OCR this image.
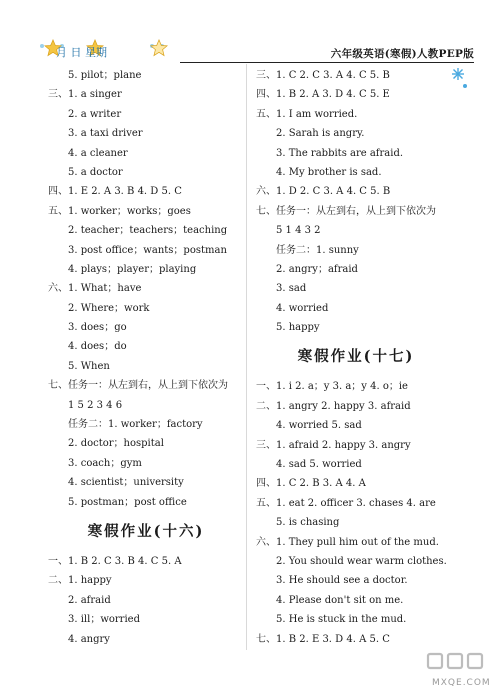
月 日 星期	六年级英语(寒假)人教PEP版
5. pilot；plane
三、1. a singer
2. a writer
3. a taxi driver
4. a cleaner
5. a doctor
四、1. E 2. A 3. B 4. D 5. C
五、1. worker；works；goes
2. teacher；teachers；teaching
3. post office；wants；postman
4. plays；player；playing
六、1. What；have
2. Where；work
3. does；go
4. does；do
5. When
七、任务一：从左到右，从上到下依次为
1 5 2 3 4 6
任务二：1. worker；factory
2. doctor；hospital
3. coach；gym
4. scientist；university
5. postman；post office
寒假作业(十六)
一、1. B 2. C 3. B 4. C 5. A
二、1. happy
2. afraid
3. ill；worried
4. angry
三、1. C 2. C 3. A 4. C 5. B
四、1. B 2. A 3. D 4. C 5. E
五、1. I am worried.
2. Sarah is angry.
3. The rabbits are afraid.
4. My brother is sad.
六、1. D 2. C 3. A 4. C 5. B
七、任务一：从左到右，从上到下依次为
5 1 4 3 2
任务二：1. sunny
2. angry；afraid
3. sad
4. worried
5. happy
寒假作业(十七)
一、1. i 2. a；y 3. a；y 4. o；ie
二、1. angry 2. happy 3. afraid
4. worried 5. sad
三、1. afraid 2. happy 3. angry
4. sad 5. worried
四、1. C 2. B 3. A 4. A
五、1. eat 2. officer 3. chases 4. are
5. is chasing
六、1. They pull him out of the mud.
2. You should wear warm clothes.
3. He should see a doctor.
4. Please don't sit on me.
5. He is stuck in the mud.
七、1. B 2. E 3. D 4. A 5. C
MXQE.COM
